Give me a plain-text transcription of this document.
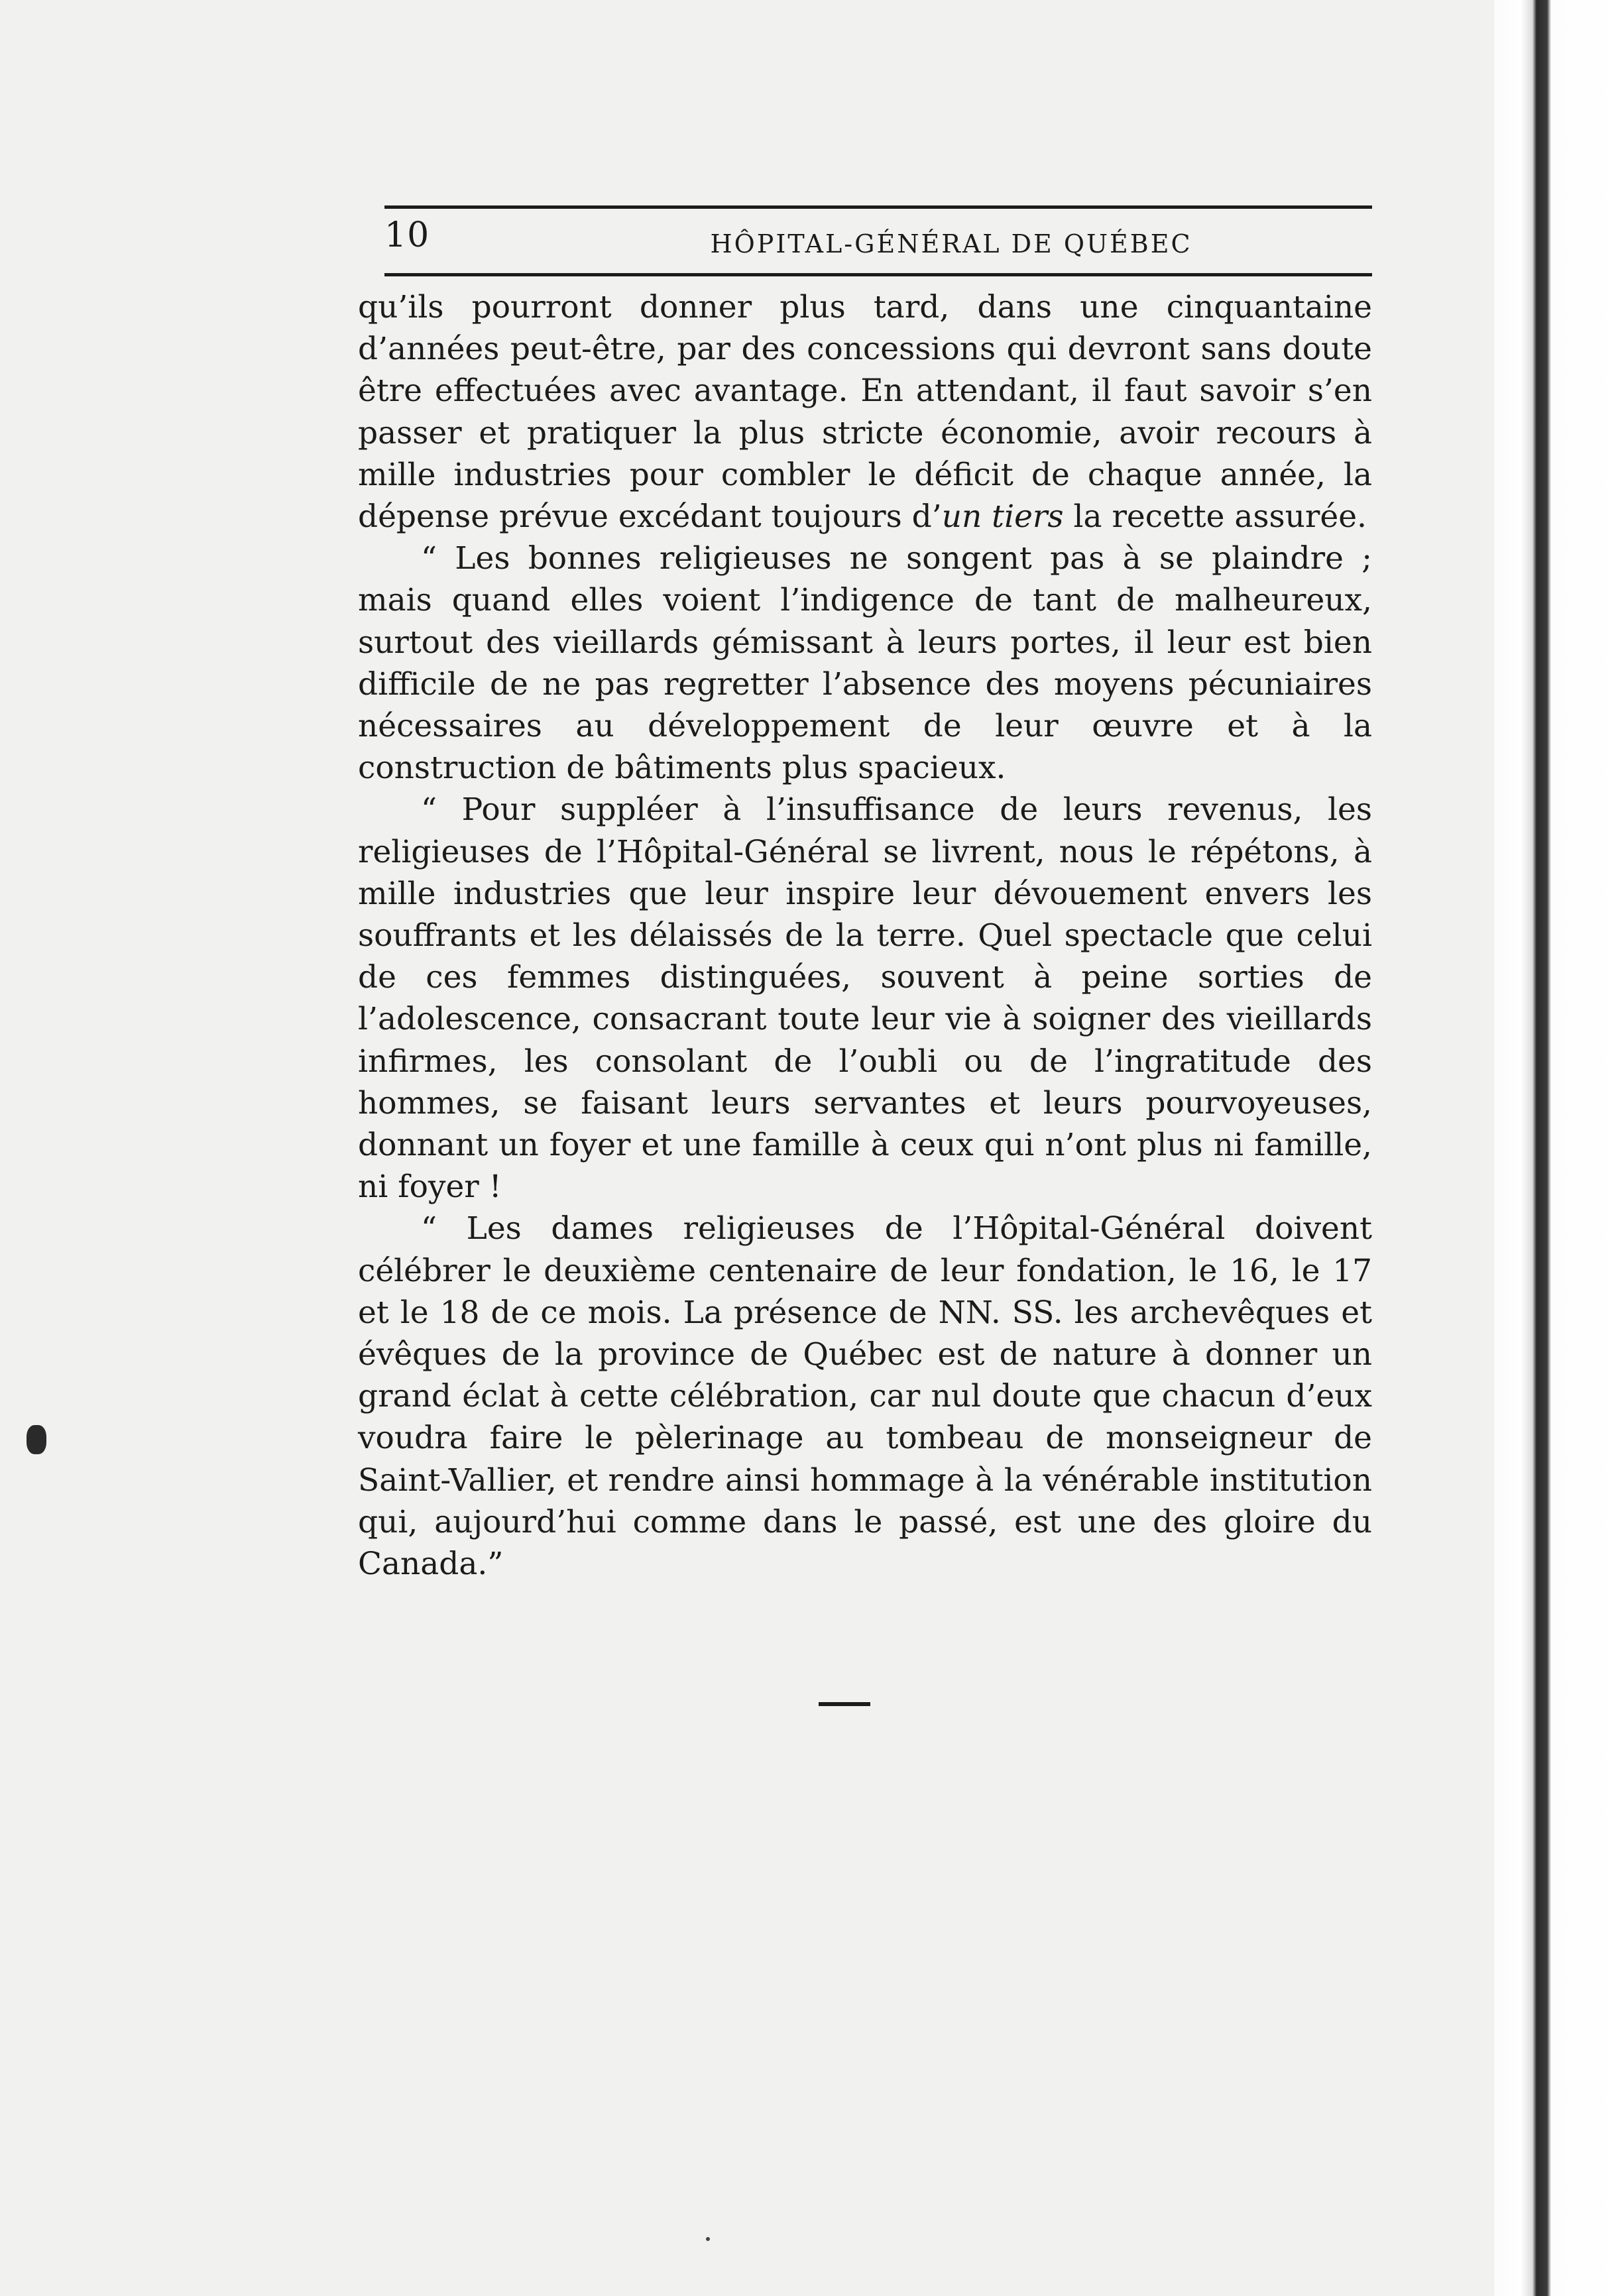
10	HÔPITAL-GÉNÉRAL DE QUÉBEC

qu’ils pourront donner plus tard, dans une cinquantaine d’années peut-être, par des concessions qui devront sans doute être effectuées avec avantage. En attendant, il faut savoir s’en passer et pratiquer la plus stricte économie, avoir recours à mille industries pour combler le déficit de chaque année, la dépense prévue excédant toujours d’un tiers la recette assurée.

“ Les bonnes religieuses ne songent pas à se plaindre ; mais quand elles voient l’indigence de tant de malheureux, surtout des vieillards gémissant à leurs portes, il leur est bien difficile de ne pas regretter l’absence des moyens pécuniaires nécessaires au développement de leur œuvre et à la construction de bâtiments plus spacieux.

“ Pour suppléer à l’insuffisance de leurs revenus, les religieuses de l’Hôpital-Général se livrent, nous le répétons, à mille industries que leur inspire leur dévouement envers les souffrants et les délaissés de la terre. Quel spectacle que celui de ces femmes distinguées, souvent à peine sorties de l’adolescence, consacrant toute leur vie à soigner des vieillards infirmes, les consolant de l’oubli ou de l’ingratitude des hommes, se faisant leurs servantes et leurs pourvoyeuses, donnant un foyer et une famille à ceux qui n’ont plus ni famille, ni foyer !

“ Les dames religieuses de l’Hôpital-Général doivent célébrer le deuxième centenaire de leur fondation, le 16, le 17 et le 18 de ce mois. La présence de NN. SS. les archevêques et évêques de la province de Québec est de nature à donner un grand éclat à cette célébration, car nul doute que chacun d’eux voudra faire le pèlerinage au tombeau de monseigneur de Saint-Vallier, et rendre ainsi hommage à la vénérable institution qui, aujourd’hui comme dans le passé, est une des gloire du Canada.”
